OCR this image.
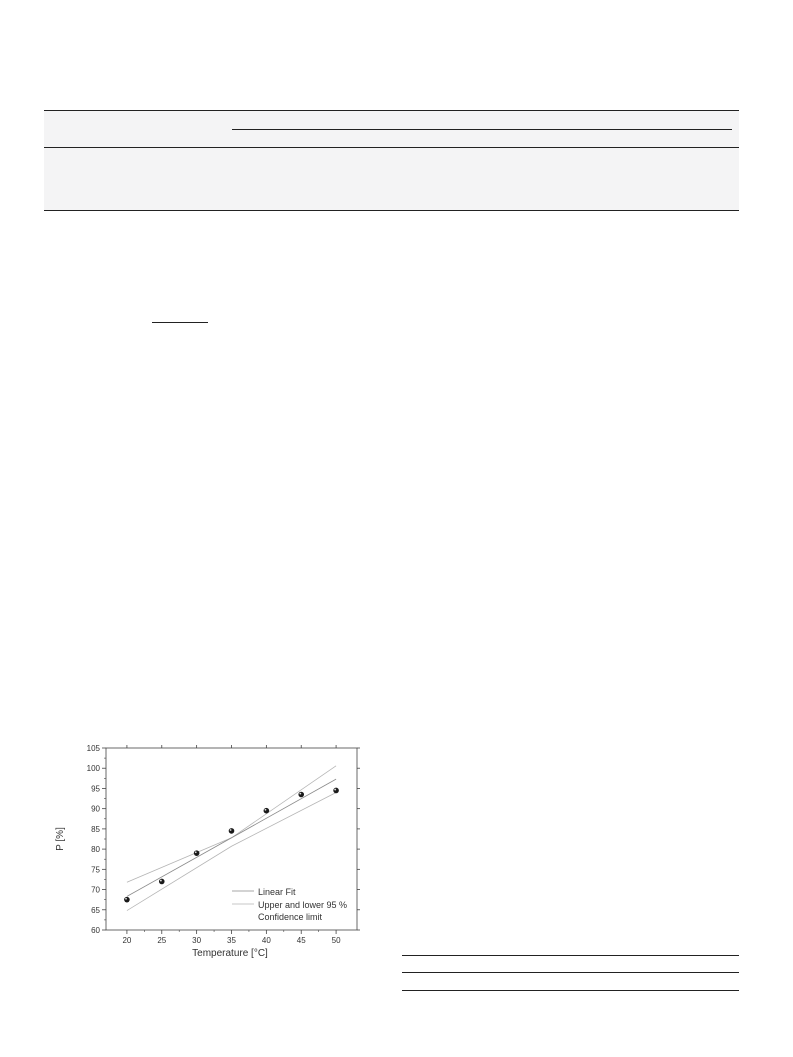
20	25	30	35	40	45	50
60
65
70
75
80
85
90
95
100
105
Linear Fit
Upper and lower 95 %
Confidence limit
Temperature [°C]
P [%]
